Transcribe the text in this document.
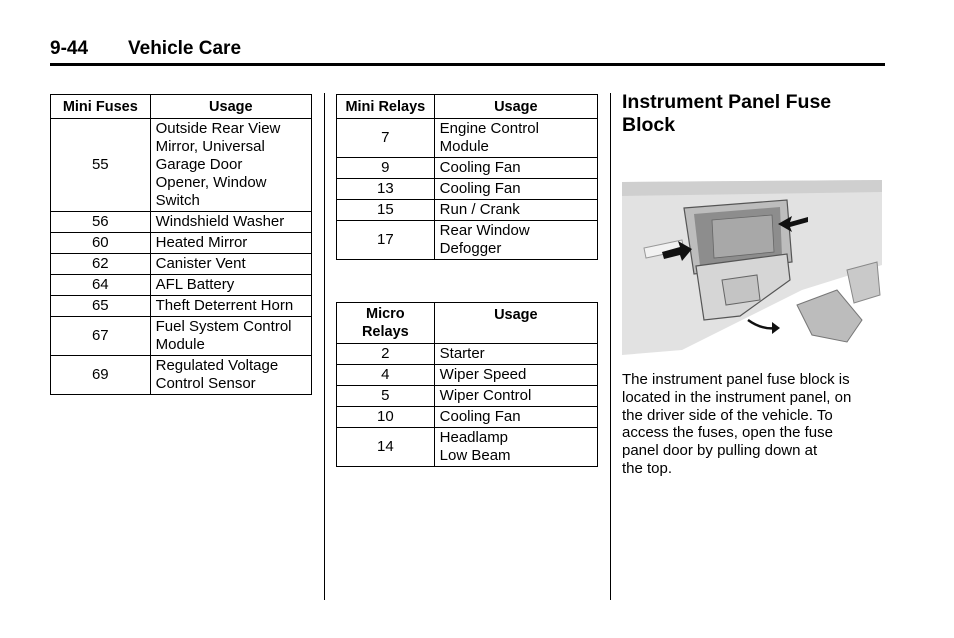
9-44 Vehicle Care
Mini Fuses	Usage
55	Outside Rear View
Mirror, Universal
Garage Door
Opener, Window
Switch

56	Windshield Washer

60	Heated Mirror

62	Canister Vent

64	AFL Battery

65	Theft Deterrent Horn

67	Fuel System Control
Module

69	Regulated Voltage
Control Sensor
Mini Relays	Usage
7	Engine Control
Module

9	Cooling Fan

13	Cooling Fan

15	Run / Crank

17	Rear Window
Defogger
Micro
Relays	Usage
2	Starter

4	Wiper Speed

5	Wiper Control

10	Cooling Fan

14	Headlamp
Low Beam
Instrument Panel Fuse Block
The instrument panel fuse block is
located in the instrument panel, on
the driver side of the vehicle. To
access the fuses, open the fuse
panel door by pulling down at
the top.
